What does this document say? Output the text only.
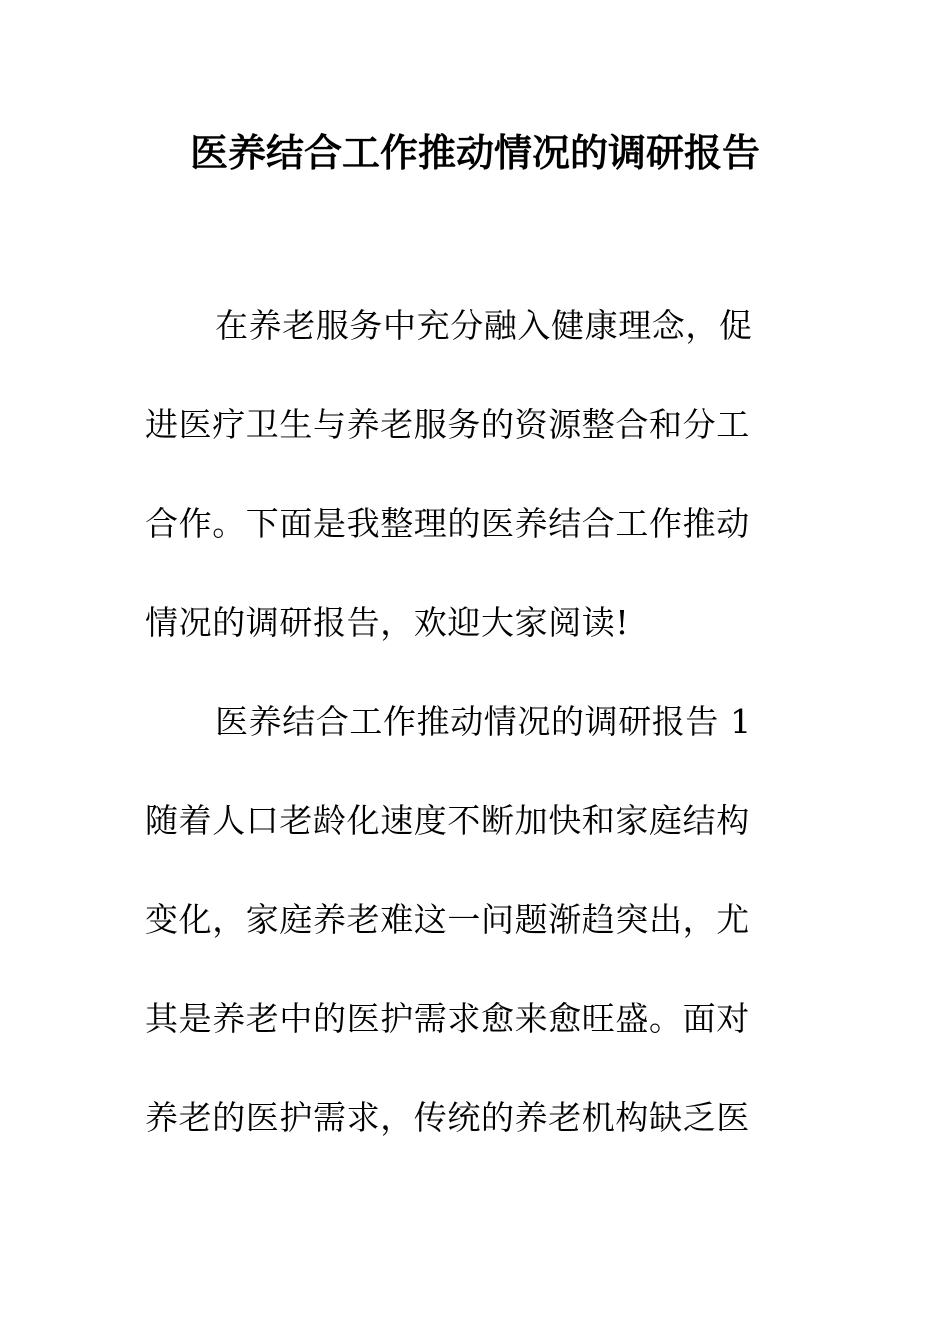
医养结合工作推动情况的调研报告
在养老服务中充分融入健康理念，促
进医疗卫生与养老服务的资源整合和分工
合作。下面是我整理的医养结合工作推动
情况的调研报告，欢迎大家阅读!
医养结合工作推动情况的调研报告 1
随着人口老龄化速度不断加快和家庭结构
变化，家庭养老难这一问题渐趋突出，尤
其是养老中的医护需求愈来愈旺盛。面对
养老的医护需求，传统的养老机构缺乏医
